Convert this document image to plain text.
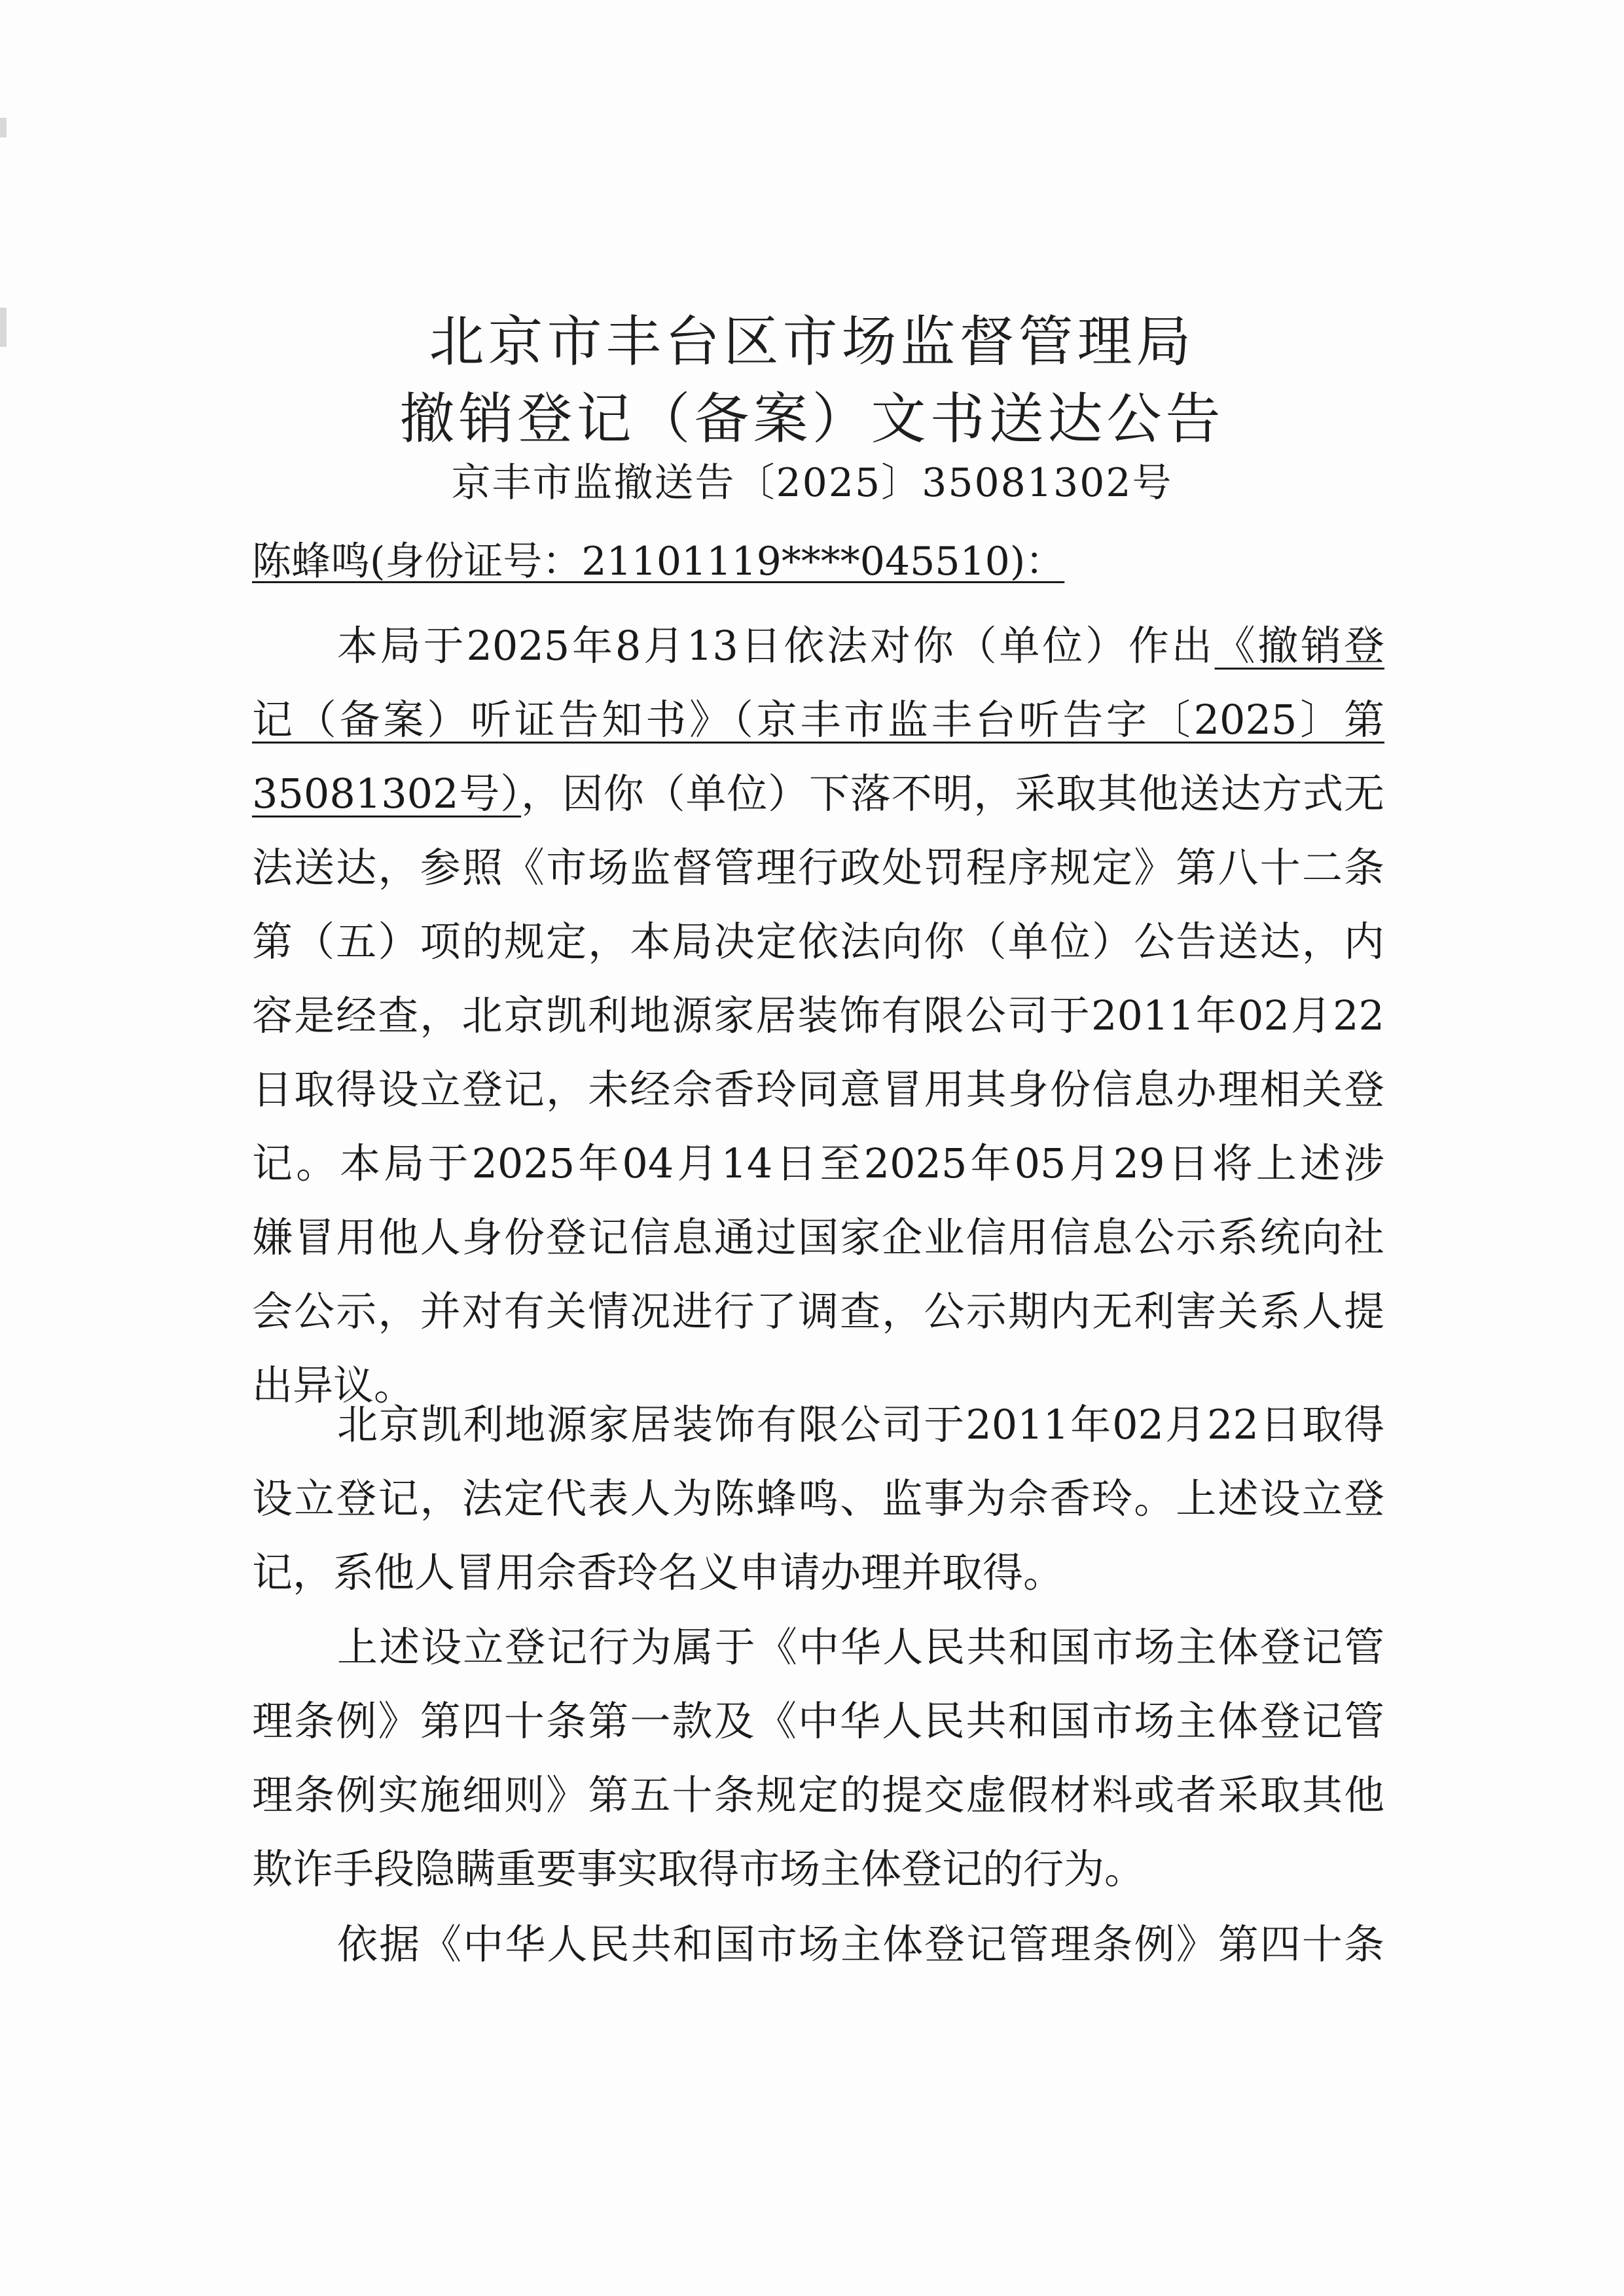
北京市丰台区市场监督管理局
撤销登记（备案）文书送达公告
京丰市监撤送告〔2025〕35081302号
陈蜂鸣(身份证号：21101119****045510)：
本局于2025年8月13日依法对你（单位）作出《撤销登
记（备案）听证告知书》（京丰市监丰台听告字〔2025〕第
35081302号），因你（单位）下落不明，采取其他送达方式无
法送达，参照《市场监督管理行政处罚程序规定》第八十二条
第（五）项的规定，本局决定依法向你（单位）公告送达，内
容是经查，北京凯利地源家居装饰有限公司于2011年02月22
日取得设立登记，未经佘香玲同意冒用其身份信息办理相关登
记。本局于2025年04月14日至2025年05月29日将上述涉
嫌冒用他人身份登记信息通过国家企业信用信息公示系统向社
会公示，并对有关情况进行了调查，公示期内无利害关系人提
出异议。
北京凯利地源家居装饰有限公司于2011年02月22日取得
设立登记，法定代表人为陈蜂鸣、监事为佘香玲。上述设立登
记，系他人冒用佘香玲名义申请办理并取得。
上述设立登记行为属于《中华人民共和国市场主体登记管
理条例》第四十条第一款及《中华人民共和国市场主体登记管
理条例实施细则》第五十条规定的提交虚假材料或者采取其他
欺诈手段隐瞒重要事实取得市场主体登记的行为。
依据《中华人民共和国市场主体登记管理条例》第四十条
